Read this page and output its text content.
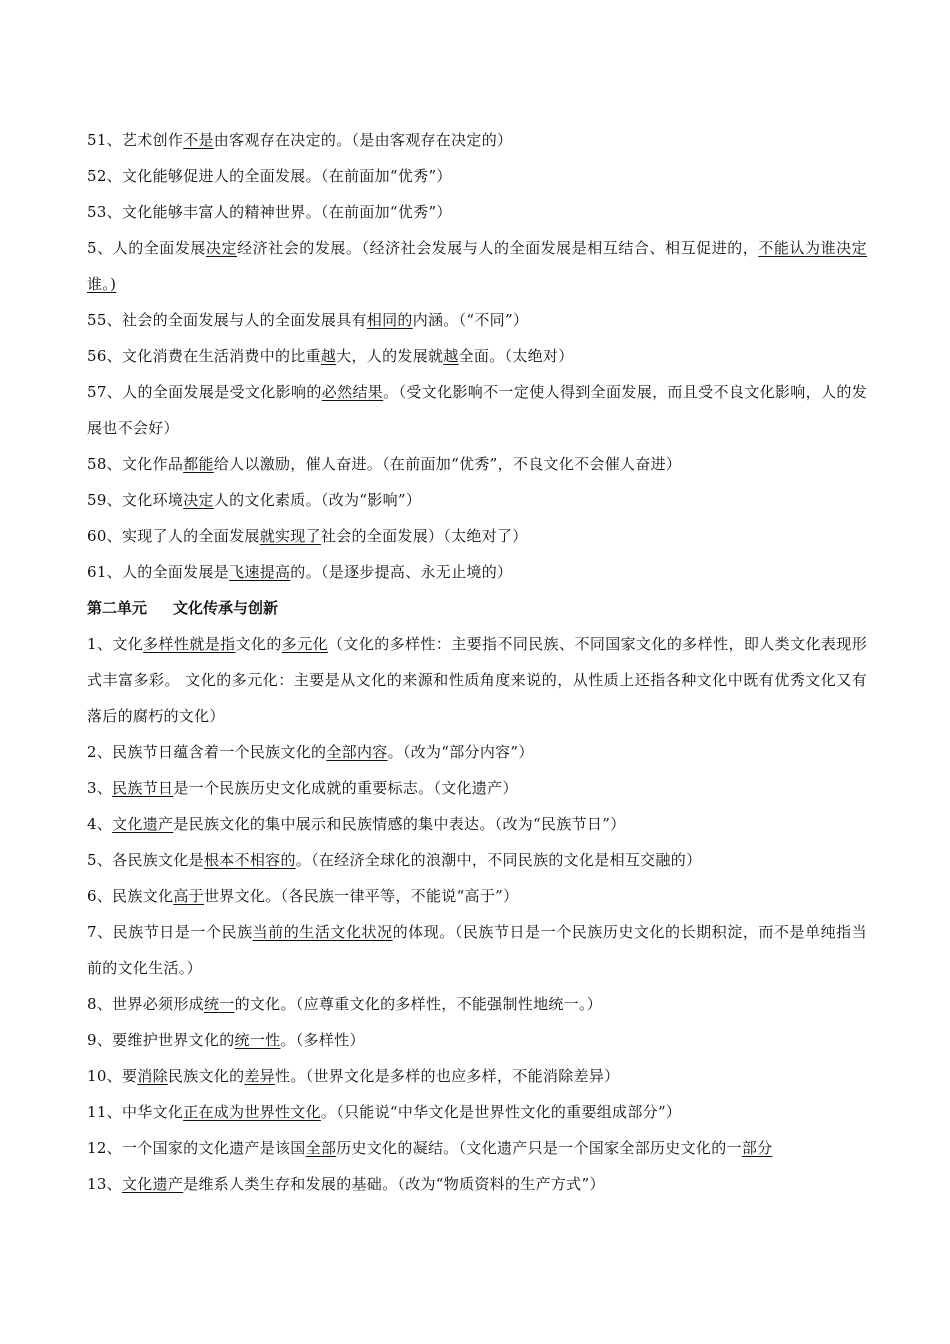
51、艺术创作不是由客观存在决定的。（是由客观存在决定的）
52、文化能够促进人的全面发展。（在前面加“优秀”）
53、文化能够丰富人的精神世界。（在前面加“优秀”）
5、人的全面发展决定经济社会的发展。（经济社会发展与人的全面发展是相互结合、相互促进的，不能认为谁决定谁。)
55、社会的全面发展与人的全面发展具有相同的内涵。（“不同”）
56、文化消费在生活消费中的比重越大，人的发展就越全面。（太绝对）
57、人的全面发展是受文化影响的必然结果。（受文化影响不一定使人得到全面发展，而且受不良文化影响，人的发展也不会好）
58、文化作品都能给人以激励，催人奋进。（在前面加“优秀”，不良文化不会催人奋进）
59、文化环境决定人的文化素质。（改为“影响”）
60、实现了人的全面发展就实现了社会的全面发展）（太绝对了）
61、人的全面发展是飞速提高的。（是逐步提高、永无止境的）
第二单元 文化传承与创新
1、文化多样性就是指文化的多元化（文化的多样性：主要指不同民族、不同国家文化的多样性，即人类文化表现形式丰富多彩。 文化的多元化：主要是从文化的来源和性质角度来说的，从性质上还指各种文化中既有优秀文化又有落后的腐朽的文化）
2、民族节日蕴含着一个民族文化的全部内容。（改为“部分内容”）
3、民族节日是一个民族历史文化成就的重要标志。（文化遗产）
4、文化遗产是民族文化的集中展示和民族情感的集中表达。（改为“民族节日”）
5、各民族文化是根本不相容的。（在经济全球化的浪潮中，不同民族的文化是相互交融的）
6、民族文化高于世界文化。（各民族一律平等，不能说“高于”）
7、民族节日是一个民族当前的生活文化状况的体现。（民族节日是一个民族历史文化的长期积淀，而不是单纯指当前的文化生活。）
8、世界必须形成统一的文化。（应尊重文化的多样性，不能强制性地统一。）
9、要维护世界文化的统一性。（多样性）
10、要消除民族文化的差异性。（世界文化是多样的也应多样，不能消除差异）
11、中华文化正在成为世界性文化。（只能说“中华文化是世界性文化的重要组成部分”）
12、一个国家的文化遗产是该国全部历史文化的凝结。（文化遗产只是一个国家全部历史文化的一部分
13、文化遗产是维系人类生存和发展的基础。（改为“物质资料的生产方式”）
